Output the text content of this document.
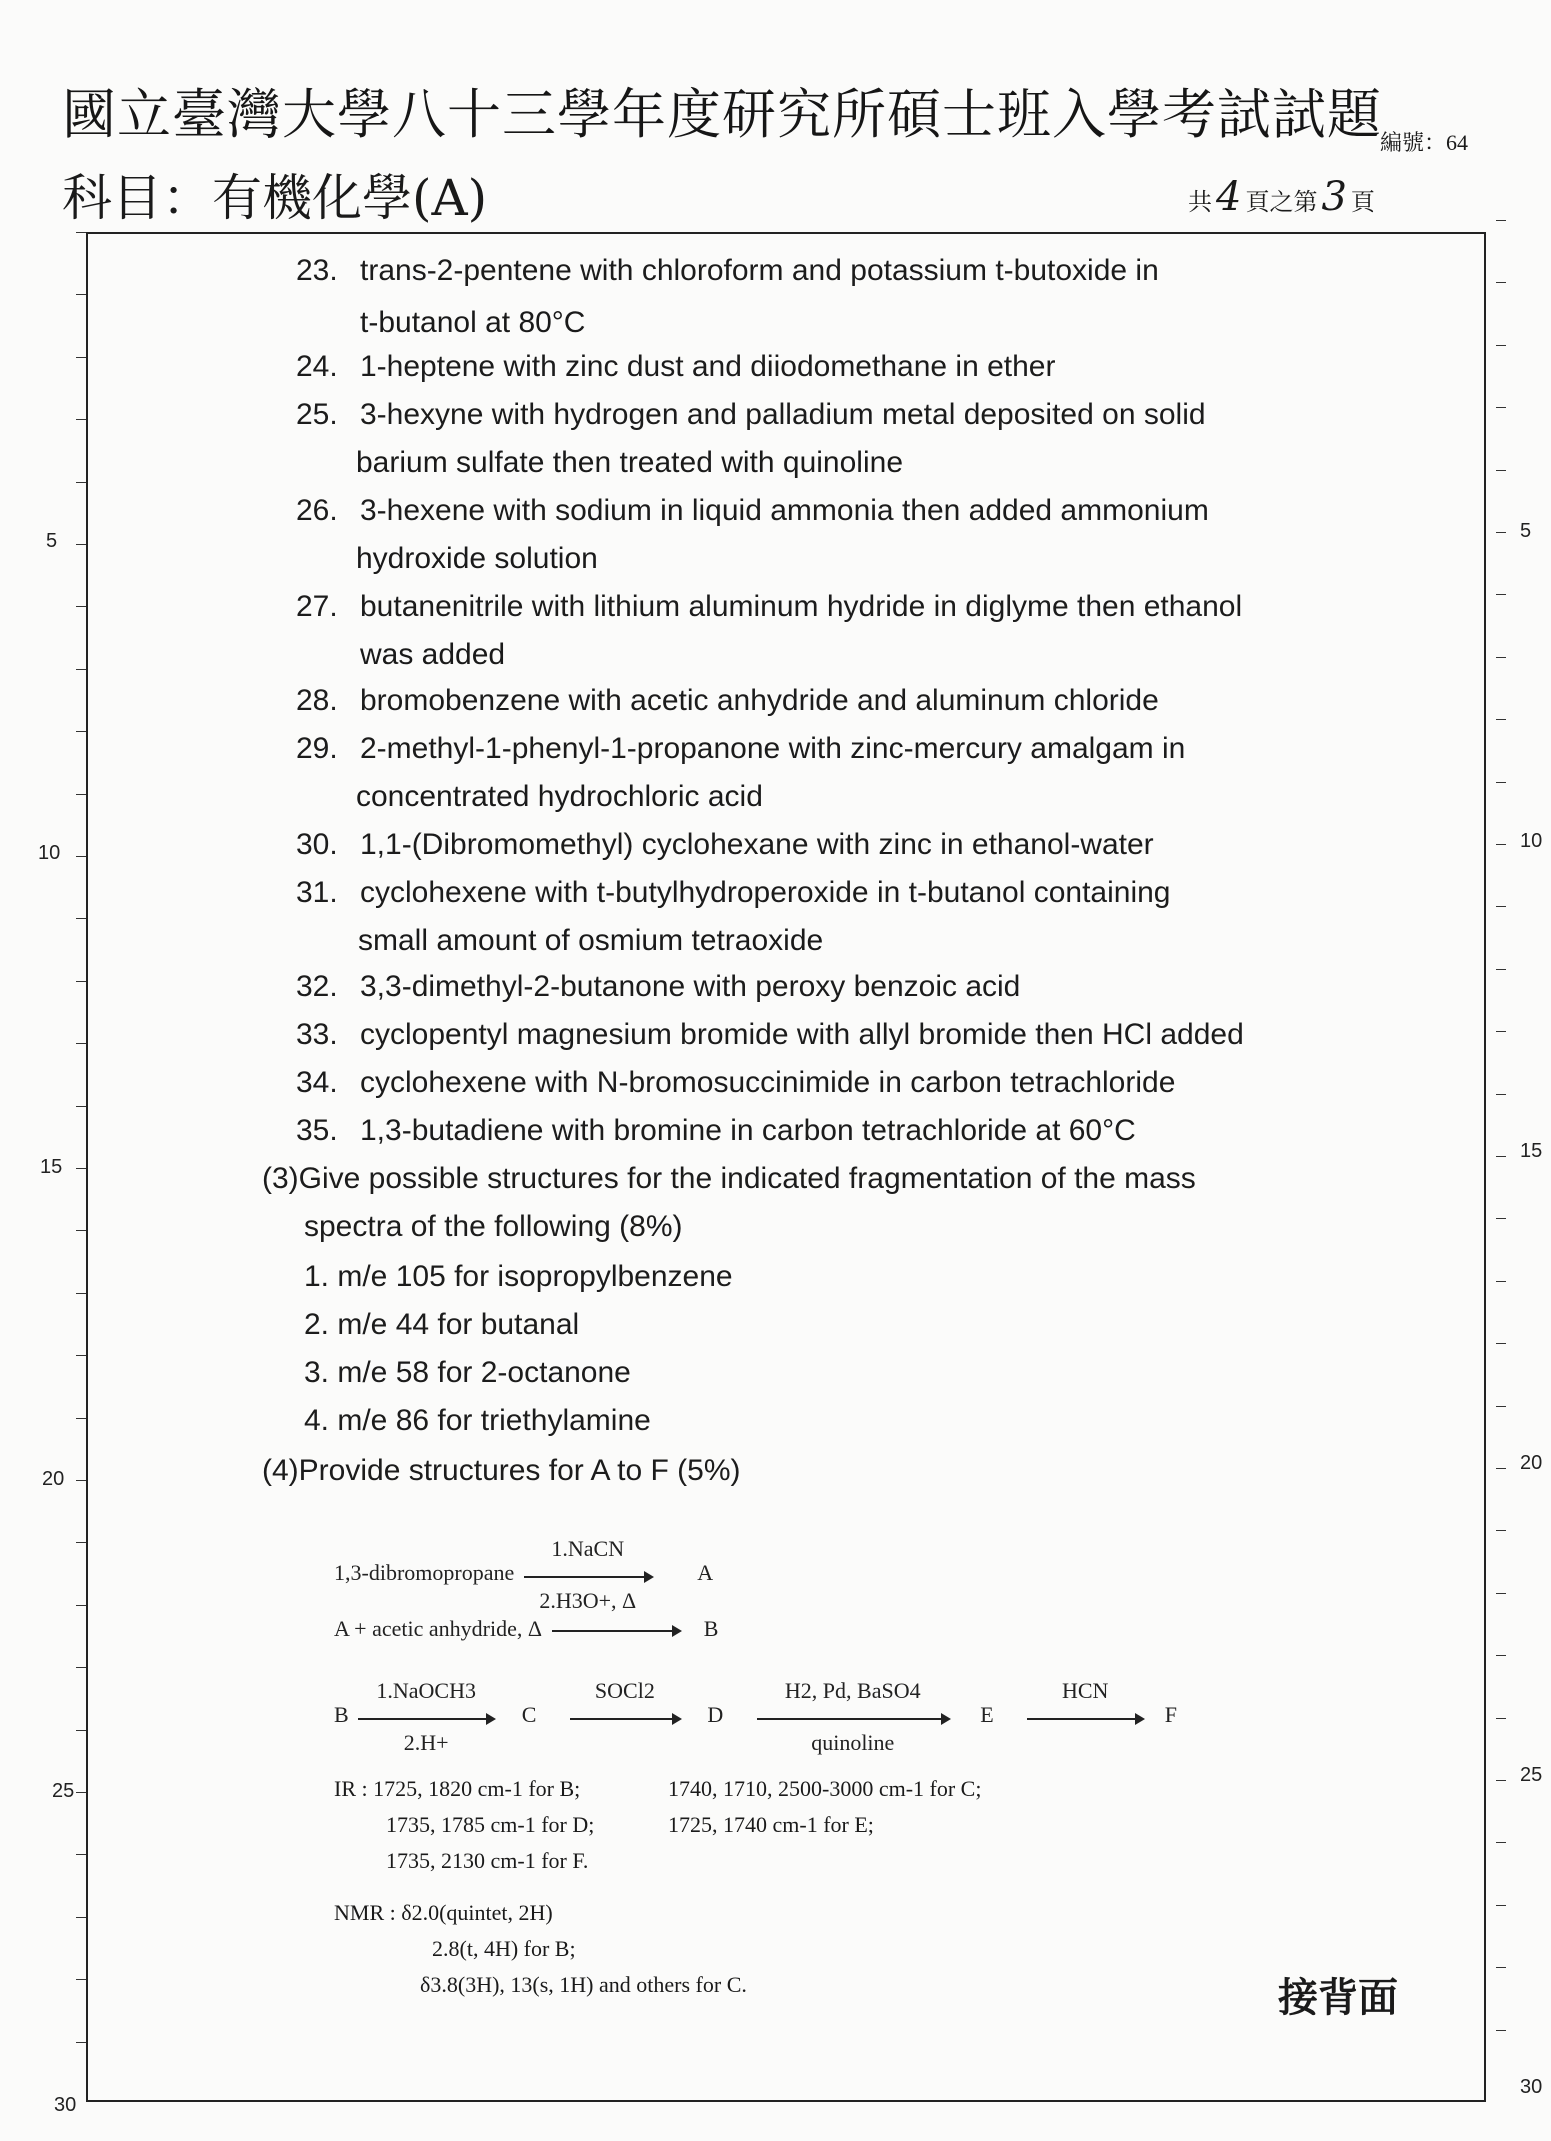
國立臺灣大學八十三學年度研究所碩士班入學考試試題
科目：有機化學(A)
編號：64
共 4 頁之第 3 頁
5
10
15
20
25
30
5
10
15
20
25
30
23. trans-2-pentene with chloroform and potassium t-butoxide in
t-butanol at 80°C
24. 1-heptene with zinc dust and diiodomethane in ether
25. 3-hexyne with hydrogen and palladium metal deposited on solid
barium sulfate then treated with quinoline
26. 3-hexene with sodium in liquid ammonia then added ammonium
hydroxide solution
27. butanenitrile with lithium aluminum hydride in diglyme then ethanol
was added
28. bromobenzene with acetic anhydride and aluminum chloride
29. 2-methyl-1-phenyl-1-propanone with zinc-mercury amalgam in
concentrated hydrochloric acid
30. 1,1-(Dibromomethyl) cyclohexane with zinc in ethanol-water
31. cyclohexene with t-butylhydroperoxide in t-butanol containing
small amount of osmium tetraoxide
32. 3,3-dimethyl-2-butanone with peroxy benzoic acid
33. cyclopentyl magnesium bromide with allyl bromide then HCl added
34. cyclohexene with N-bromosuccinimide in carbon tetrachloride
35. 1,3-butadiene with bromine in carbon tetrachloride at 60°C
(3)Give possible structures for the indicated fragmentation of the mass
spectra of the following (8%)
1. m/e 105 for isopropylbenzene
2. m/e 44 for butanal
3. m/e 58 for 2-octanone
4. m/e 86 for triethylamine
(4)Provide structures for A to F (5%)
1,3-dibromopropane $\frac{\text{1.NaCN}}{2.H3O+, \Delta}$ A
A + acetic anhydride, Δ	B
B $\frac{\text{1.NaOCH3}}{2.H+}$ C
SOCl2

D $\frac{\text{H2, Pd, BaSO4}}{\text{quinoline}}$ E
HCN

F
IR : 1725, 1820 cm-1 for B;	1740, 1710, 2500-3000 cm-1 for C;
1735, 1785 cm-1 for D;	1725, 1740 cm-1 for E;
1735, 2130 cm-1 for F.
NMR : δ2.0(quintet, 2H)
2.8(t, 4H) for B;
δ3.8(3H), 13(s, 1H) and others for C.	接背面
